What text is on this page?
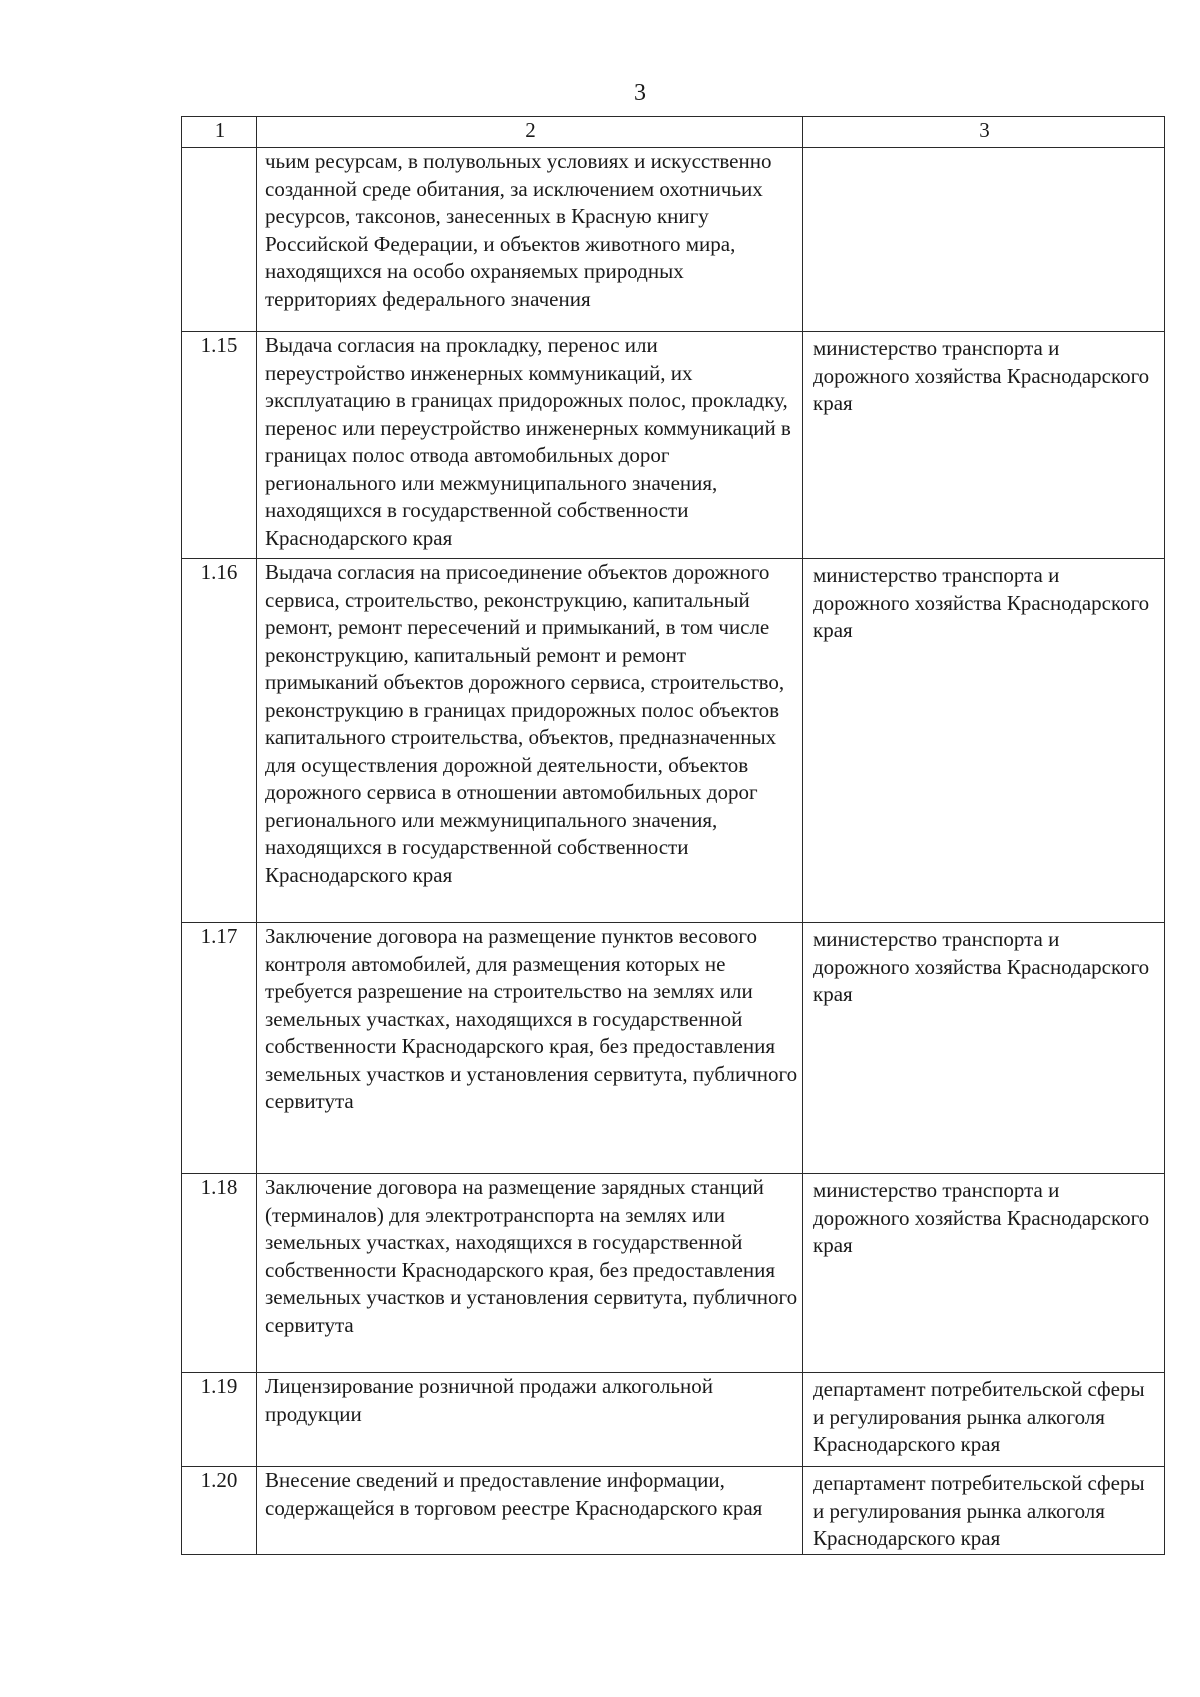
3
1	2	3
	чьим ресурсам, в полувольных условиях и искусственно созданной среде обитания, за исключением охотничьих ресурсов, таксонов, занесенных в Красную книгу Российской Федерации, и объектов животного мира, находящихся на особо охраняемых природных территориях федерального значения	
1.15	Выдача согласия на прокладку, перенос или переустройство инженерных коммуникаций, их эксплуатацию в границах придорожных полос, прокладку, перенос или переустройство инженерных коммуникаций в границах полос отвода автомобильных дорог регионального или межмуниципального значения, находящихся в государственной собственности Краснодарского края	министерство транспорта и дорожного хозяйства Краснодарского края
1.16	Выдача согласия на присоединение объектов дорожного сервиса, строительство, реконструкцию, капитальный ремонт, ремонт пересечений и примыканий, в том числе реконструкцию, капитальный ремонт и ремонт примыканий объектов дорожного сервиса, строительство, реконструкцию в границах придорожных полос объектов капитального строительства, объектов, предназначенных для осуществления дорожной деятельности, объектов дорожного сервиса в отношении автомобильных дорог регионального или межмуниципального значения, находящихся в государственной собственности Краснодарского края	министерство транспорта и дорожного хозяйства Краснодарского края
1.17	Заключение договора на размещение пунктов весового контроля автомобилей, для размещения которых не требуется разрешение на строительство на землях или земельных участках, находящихся в государственной собственности Краснодарского края, без предоставления земельных участков и установления сервитута, публичного сервитута	министерство транспорта и дорожного хозяйства Краснодарского края
1.18	Заключение договора на размещение зарядных станций (терминалов) для электротранспорта на землях или земельных участках, находящихся в государственной собственности Краснодарского края, без предоставления земельных участков и установления сервитута, публичного сервитута	министерство транспорта и дорожного хозяйства Краснодарского края
1.19	Лицензирование розничной продажи алкогольной продукции	департамент потребительской сферы и регулирования рынка алкоголя Краснодарского края
1.20	Внесение сведений и предоставление информации, содержащейся в торговом реестре Краснодарского края	департамент потребительской сферы и регулирования рынка алкоголя Краснодарского края
